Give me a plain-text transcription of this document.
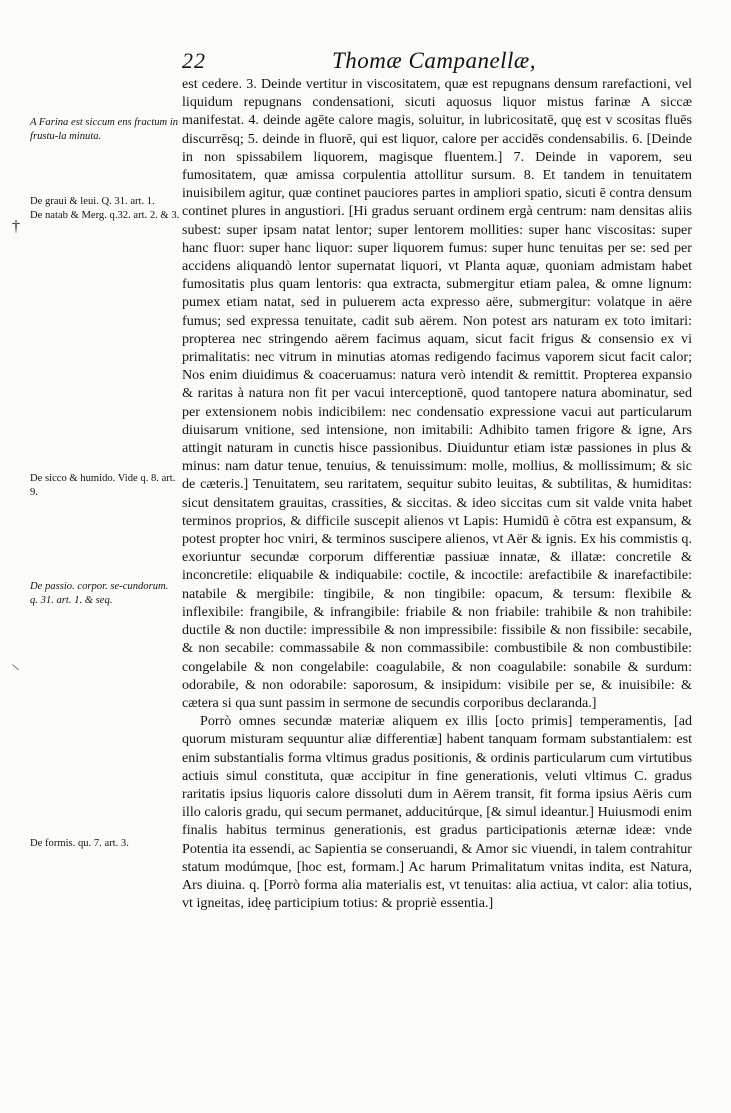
22	Thomæ Campanellæ,
A Farina est siccum ens fractum in frustu-la minuta.
De graui & leui. Q. 31. art. 1.
De natab & Merg. q.32. art. 2. & 3.
De sicco & humido. Vide q. 8. art. 9.
De passio. corpor. se-cundorum.
q. 31. art. 1. & seq.
De formis. qu. 7. art. 3.
†
\

est cedere. 3. Deinde vertitur in viscositatem, quæ est repugnans densum rarefactioni, vel liquidum repugnans condensationi, sicuti aquosus liquor mistus farinæ A siccæ manifestat. 4. deinde agēte calore magis, soluitur, in lubricositatē, quę est v scositas fluēs discurrēsq; 5. deinde in fluorē, qui est liquor, calore per accidēs condensabilis. 6. [Deinde in non spissabilem liquorem, magisque fluentem.] 7. Deinde in vaporem, seu fumositatem, quæ amissa corpulentia attollitur sursum. 8. Et tandem in tenuitatem inuisibilem agitur, quæ continet pauciores partes in ampliori spatio, sicuti ē contra densum continet plures in angustiori. [Hi gradus seruant ordinem ergà centrum: nam densitas aliis subest: super ipsam natat lentor; super lentorem mollities: super hanc viscositas: super hanc fluor: super hanc liquor: super liquorem fumus: super hunc tenuitas per se: sed per accidens aliquandò lentor supernatat liquori, vt Planta aquæ, quoniam admistam habet fumositatis plus quam lentoris: qua extracta, submergitur etiam palea, & omne lignum: pumex etiam natat, sed in puluerem acta expresso aëre, submergitur: volatque in aëre fumus; sed expressa tenuitate, cadit sub aërem. Non potest ars naturam ex toto imitari: propterea nec stringendo aërem facimus aquam, sicut facit frigus & consensio ex vi primalitatis: nec vitrum in minutias atomas redigendo facimus vaporem sicut facit calor; Nos enim diuidimus & coaceruamus: natura verò intendit & remittit. Propterea expansio & raritas à natura non fit per vacui interceptionē, quod tantopere natura abominatur, sed per extensionem nobis indicibilem: nec condensatio expressione vacui aut particularum diuisarum vnitione, sed intensione, non imitabili: Adhibito tamen frigore & igne, Ars attingit naturam in cunctis hisce passionibus. Diuiduntur etiam istæ passiones in plus & minus: nam datur tenue, tenuius, & tenuissimum: molle, mollius, & mollissimum; & sic de cæteris.] Tenuitatem, seu raritatem, sequitur subito leuitas, & subtilitas, & humiditas: sicut densitatem grauitas, crassities, & siccitas. & ideo siccitas cum sit valde vnita habet terminos proprios, & difficile suscepit alienos vt Lapis: Humidū è cōtra est expansum, & potest propter hoc vniri, & terminos suscipere alienos, vt Aër & ignis. Ex his commistis q. exoriuntur secundæ corporum differentiæ passiuæ innatæ, & illatæ: concretile & inconcretile: eliquabile & indiquabile: coctile, & incoctile: arefactibile & inarefactibile: natabile & mergibile: tingibile, & non tingibile: opacum, & tersum: flexibile & inflexibile: frangibile, & infrangibile: friabile & non friabile: trahibile & non trahibile: ductile & non ductile: impressibile & non impressibile: fissibile & non fissibile: secabile, & non secabile: commassabile & non commassibile: combustibile & non combustibile: congelabile & non congelabile: coagulabile, & non coagulabile: sonabile & surdum: odorabile, & non odorabile: saporosum, & insipidum: visibile per se, & inuisibile: & cætera si qua sunt passim in sermone de secundis corporibus declaranda.]

Porrò omnes secundæ materiæ aliquem ex illis [octo primis] temperamentis, [ad quorum misturam sequuntur aliæ differentiæ] habent tanquam formam substantialem: est enim substantialis forma vltimus gradus positionis, & ordinis particularum cum virtutibus actiuis simul constituta, quæ accipitur in fine generationis, veluti vltimus C. gradus raritatis ipsius liquoris calore dissoluti dum in Aërem transit, fit forma ipsius Aëris cum illo caloris gradu, qui secum permanet, adducitúrque, [& simul ideantur.] Huiusmodi enim finalis habitus terminus generationis, est gradus participationis æternæ ideæ: vnde Potentia ita essendi, ac Sapientia se conseruandi, & Amor sic viuendi, in talem contrahitur statum modúmque, [hoc est, formam.] Ac harum Primalitatum vnitas indita, est Natura, Ars diuina. q. [Porrò forma alia materialis est, vt tenuitas: alia actiua, vt calor: alia totius, vt igneitas, ideę participium totius: & propriè essentia.]
